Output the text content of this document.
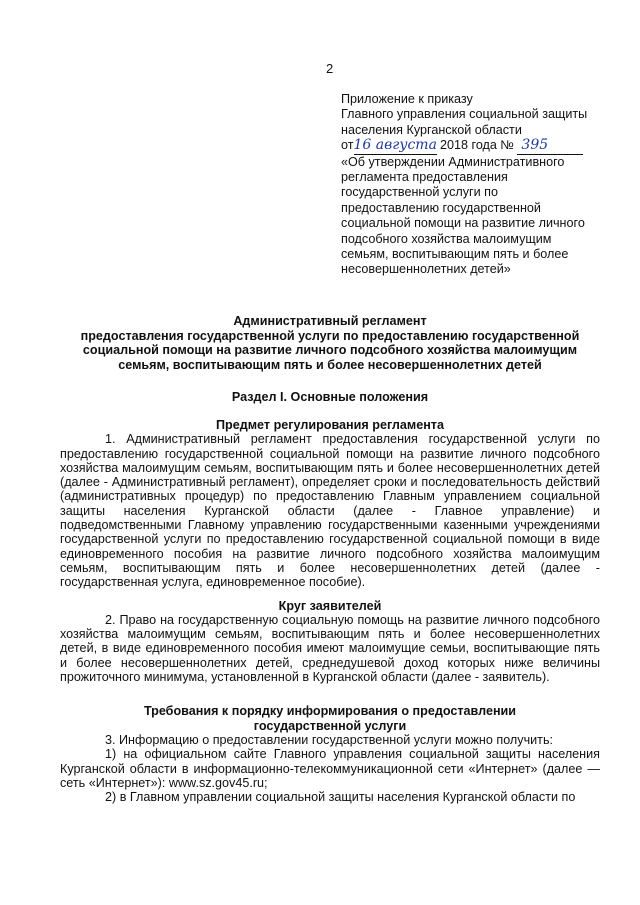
2
Приложение к приказу
Главного управления социальной защиты
населения Курганской области
от16 августа 2018 года № 395
«Об утверждении Административного
регламента предоставления
государственной услуги по
предоставлению государственной
социальной помощи на развитие личного
подсобного хозяйства малоимущим
семьям, воспитывающим пять и более
несовершеннолетних детей»
Административный регламент
предоставления государственной услуги по предоставлению государственной
социальной помощи на развитие личного подсобного хозяйства малоимущим
семьям, воспитывающим пять и более несовершеннолетних детей
Раздел I. Основные положения

Предмет регулирования регламента

1. Административный регламент предоставления государственной услуги по предоставлению государственной социальной помощи на развитие личного подсобного хозяйства малоимущим семьям, воспитывающим пять и более несовершеннолетних детей (далее - Административный регламент), определяет сроки и последовательность действий (административных процедур) по предоставлению Главным управлением социальной защиты населения Курганской области (далее - Главное управление) и подведомственными Главному управлению государственными казенными учреждениями государственной услуги по предоставлению государственной социальной помощи в виде единовременного пособия на развитие личного подсобного хозяйства малоимущим семьям, воспитывающим пять и более несовершеннолетних детей (далее - государственная услуга, единовременное пособие).

Круг заявителей

2. Право на государственную социальную помощь на развитие личного подсобного хозяйства малоимущим семьям, воспитывающим пять и более несовершеннолетних детей, в виде единовременного пособия имеют малоимущие семьи, воспитывающие пять и более несовершеннолетних детей, среднедушевой доход которых ниже величины прожиточного минимума, установленной в Курганской области (далее - заявитель).

Требования к порядку информирования о предоставлении

государственной услуги

3. Информацию о предоставлении государственной услуги можно получить:

1) на официальном сайте Главного управления социальной защиты населения Курганской области в информационно-телекоммуникационной сети «Интернет» (далее — сеть «Интернет»): www.sz.gov45.ru;

2) в Главном управлении социальной защиты населения Курганской области по
